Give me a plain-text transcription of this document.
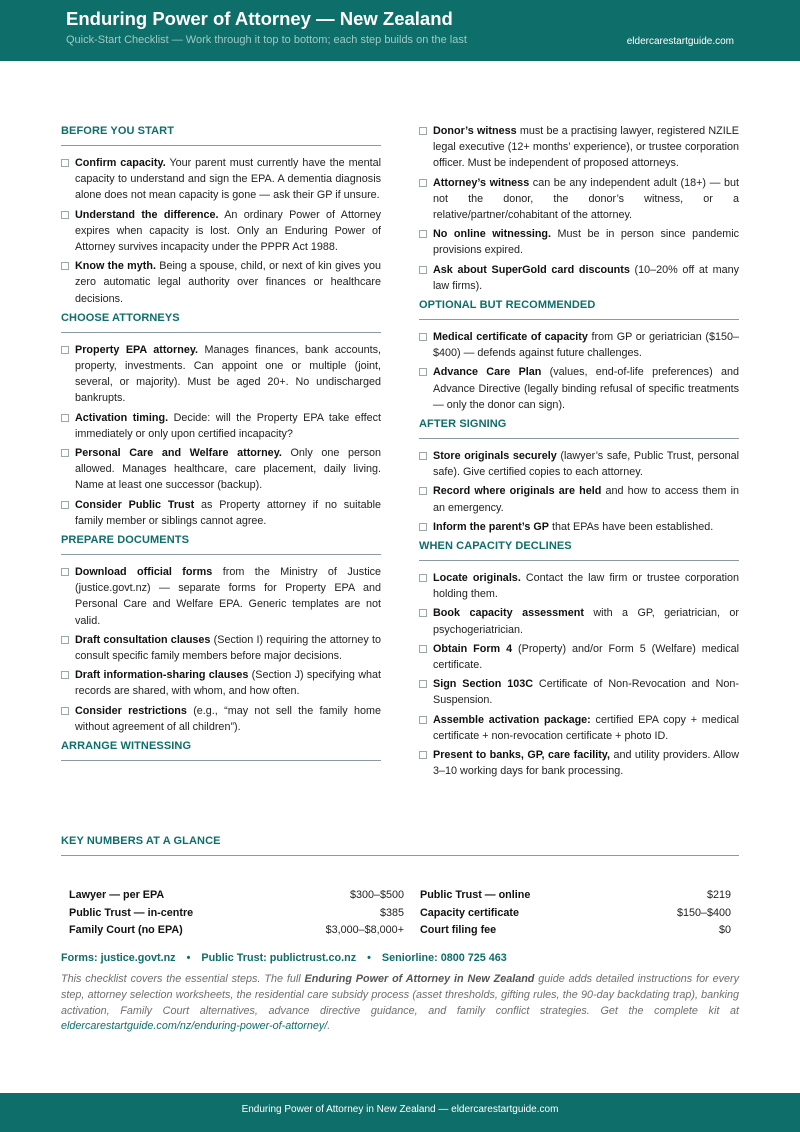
Enduring Power of Attorney — New Zealand
Quick-Start Checklist — Work through it top to bottom; each step builds on the last	eldercarestartguide.com
BEFORE YOU START
Confirm capacity. Your parent must currently have the mental capacity to understand and sign the EPA. A dementia diagnosis alone does not mean capacity is gone — ask their GP if unsure.
Understand the difference. An ordinary Power of Attorney expires when capacity is lost. Only an Enduring Power of Attorney survives incapacity under the PPPR Act 1988.
Know the myth. Being a spouse, child, or next of kin gives you zero automatic legal authority over finances or healthcare decisions.
CHOOSE ATTORNEYS
Property EPA attorney. Manages finances, bank accounts, property, investments. Can appoint one or multiple (joint, several, or majority). Must be aged 20+. No undischarged bankrupts.
Activation timing. Decide: will the Property EPA take effect immediately or only upon certified incapacity?
Personal Care and Welfare attorney. Only one person allowed. Manages healthcare, care placement, daily living. Name at least one successor (backup).
Consider Public Trust as Property attorney if no suitable family member or siblings cannot agree.
PREPARE DOCUMENTS
Download official forms from the Ministry of Justice (justice.govt.nz) — separate forms for Property EPA and Personal Care and Welfare EPA. Generic templates are not valid.
Draft consultation clauses (Section I) requiring the attorney to consult specific family members before major decisions.
Draft information-sharing clauses (Section J) specifying what records are shared, with whom, and how often.
Consider restrictions (e.g., “may not sell the family home without agreement of all children”).
ARRANGE WITNESSING
Donor’s witness must be a practising lawyer, registered NZILE legal executive (12+ months’ experience), or trustee corporation officer. Must be independent of proposed attorneys.
Attorney’s witness can be any independent adult (18+) — but not the donor, the donor’s witness, or a relative/partner/cohabitant of the attorney.
No online witnessing. Must be in person since pandemic provisions expired.
Ask about SuperGold card discounts (10–20% off at many law firms).
OPTIONAL BUT RECOMMENDED
Medical certificate of capacity from GP or geriatrician ($150–$400) — defends against future challenges.
Advance Care Plan (values, end-of-life preferences) and Advance Directive (legally binding refusal of specific treatments — only the donor can sign).
AFTER SIGNING
Store originals securely (lawyer’s safe, Public Trust, personal safe). Give certified copies to each attorney.
Record where originals are held and how to access them in an emergency.
Inform the parent’s GP that EPAs have been established.
WHEN CAPACITY DECLINES
Locate originals. Contact the law firm or trustee corporation holding them.
Book capacity assessment with a GP, geriatrician, or psychogeriatrician.
Obtain Form 4 (Property) and/or Form 5 (Welfare) medical certificate.
Sign Section 103C Certificate of Non-Revocation and Non-Suspension.
Assemble activation package: certified EPA copy + medical certificate + non-revocation certificate + photo ID.
Present to banks, GP, care facility, and utility providers. Allow 3–10 working days for bank processing.
KEY NUMBERS AT A GLANCE
Lawyer — per EPA	$300–$500
Public Trust — in-centre	$385
Family Court (no EPA)	$3,000–$8,000+
Public Trust — online	$219
Capacity certificate	$150–$400
Court filing fee	$0
Forms: justice.govt.nz • Public Trust: publictrust.co.nz • Seniorline: 0800 725 463
This checklist covers the essential steps. The full Enduring Power of Attorney in New Zealand guide adds detailed instructions for every step, attorney selection worksheets, the residential care subsidy process (asset thresholds, gifting rules, the 90-day backdating trap), banking activation, Family Court alternatives, advance directive guidance, and family conflict strategies. Get the complete kit at eldercarestartguide.com/nz/enduring-power-of-attorney/.
Enduring Power of Attorney in New Zealand — eldercarestartguide.com
